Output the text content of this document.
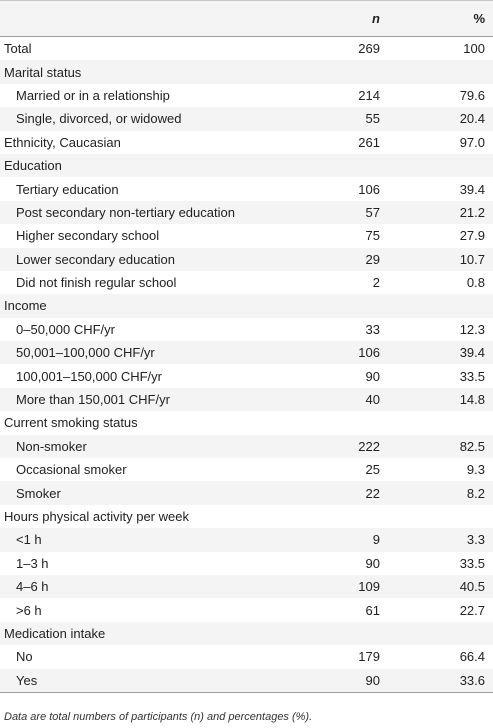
	n	%
Total	269	100
Marital status		
Married or in a relationship	214	79.6
Single, divorced, or widowed	55	20.4
Ethnicity, Caucasian	261	97.0
Education		
Tertiary education	106	39.4
Post secondary non-tertiary education	57	21.2
Higher secondary school	75	27.9
Lower secondary education	29	10.7
Did not finish regular school	2	0.8
Income		
0–50,000 CHF/yr	33	12.3
50,001–100,000 CHF/yr	106	39.4
100,001–150,000 CHF/yr	90	33.5
More than 150,001 CHF/yr	40	14.8
Current smoking status		
Non-smoker	222	82.5
Occasional smoker	25	9.3
Smoker	22	8.2
Hours physical activity per week		
<1 h	9	3.3
1–3 h	90	33.5
4–6 h	109	40.5
>6 h	61	22.7
Medication intake		
No	179	66.4
Yes	90	33.6
Data are total numbers of participants (n) and percentages (%).
